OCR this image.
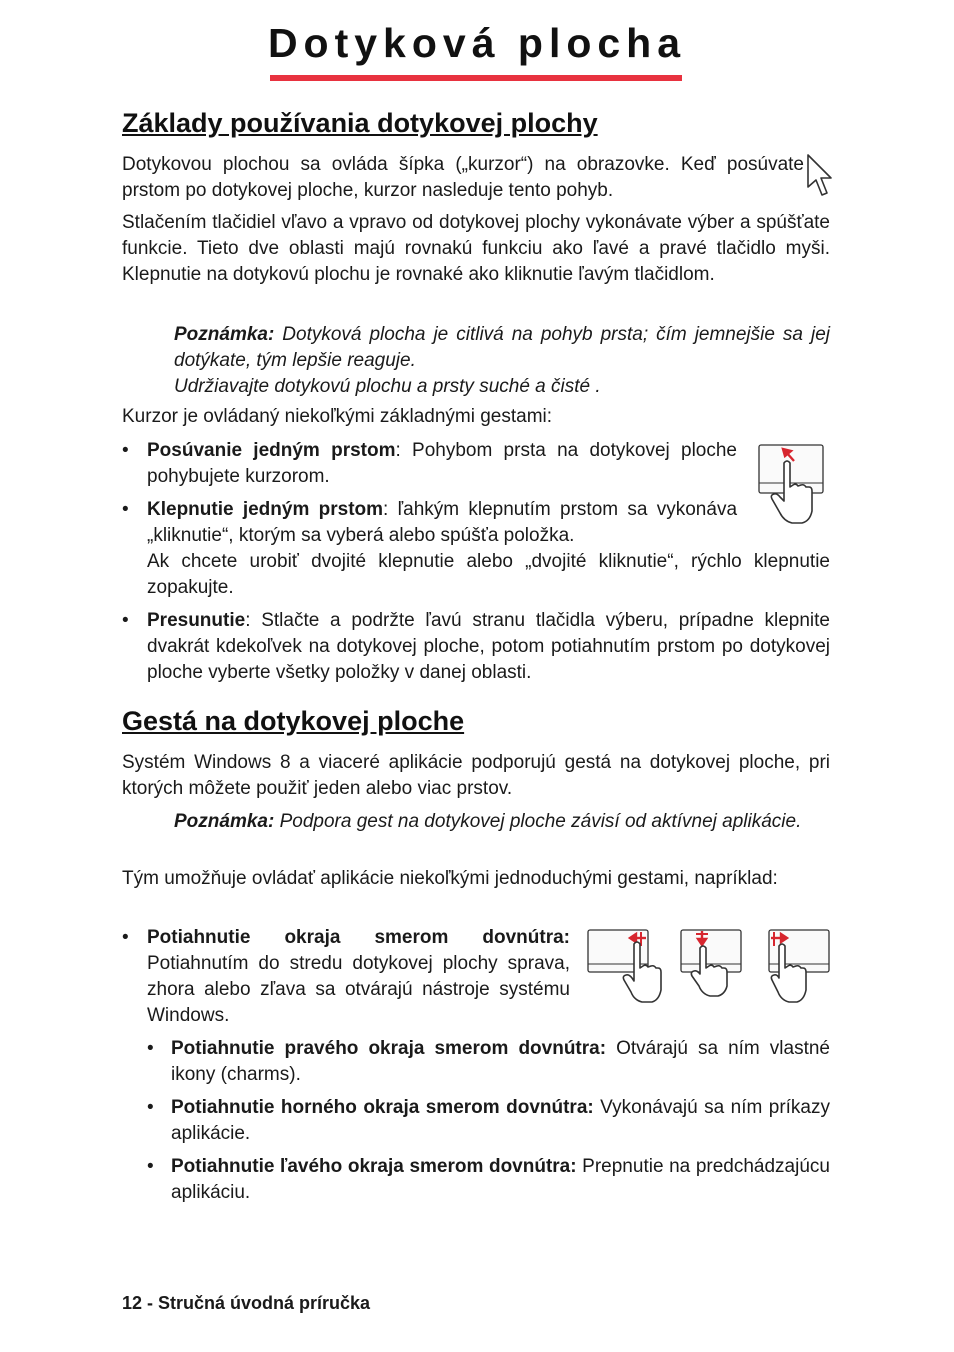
Dotyková plocha
Základy používania dotykovej plochy
Dotykovou plochou sa ovláda šípka („kurzor“) na obrazovke. Keď posúvate prstom po dotykovej ploche, kurzor nasleduje tento pohyb.
Stlačením tlačidiel vľavo a vpravo od dotykovej plochy vykonávate výber a spúšťate funkcie. Tieto dve oblasti majú rovnakú funkciu ako ľavé a pravé tlačidlo myši. Klepnutie na dotykovú plochu je rovnaké ako kliknutie ľavým tlačidlom.
Poznámka: Dotyková plocha je citlivá na pohyb prsta; čím jemnejšie sa jej dotýkate, tým lepšie reaguje.
Udržiavajte dotykovú plochu a prsty suché a čisté .
Kurzor je ovládaný niekoľkými základnými gestami:
• Posúvanie jedným prstom: Pohybom prsta na dotykovej ploche pohybujete kurzorom.
• Klepnutie jedným prstom: ľahkým klepnutím prstom sa vykonáva „kliknutie“, ktorým sa vyberá alebo spúšťa položka.
Ak chcete urobiť dvojité klepnutie alebo „dvojité kliknutie“, rýchlo klepnutie zopakujte.
• Presunutie: Stlačte a podržte ľavú stranu tlačidla výberu, prípadne klepnite dvakrát kdekoľvek na dotykovej ploche, potom potiahnutím prstom po dotykovej ploche vyberte všetky položky v danej oblasti.
Gestá na dotykovej ploche
Systém Windows 8 a viaceré aplikácie podporujú gestá na dotykovej ploche, pri ktorých môžete použiť jeden alebo viac prstov.
Poznámka: Podpora gest na dotykovej ploche závisí od aktívnej aplikácie.
Tým umožňuje ovládať aplikácie niekoľkými jednoduchými gestami, napríklad:
• Potiahnutie okraja smerom dovnútra: Potiahnutím do stredu dotykovej plochy sprava, zhora alebo zľava sa otvárajú nástroje systému Windows.
• Potiahnutie pravého okraja smerom dovnútra: Otvárajú sa ním vlastné ikony (charms).
• Potiahnutie horného okraja smerom dovnútra: Vykonávajú sa ním príkazy aplikácie.
• Potiahnutie ľavého okraja smerom dovnútra: Prepnutie na predchádzajúcu aplikáciu.
12 - Stručná úvodná príručka
